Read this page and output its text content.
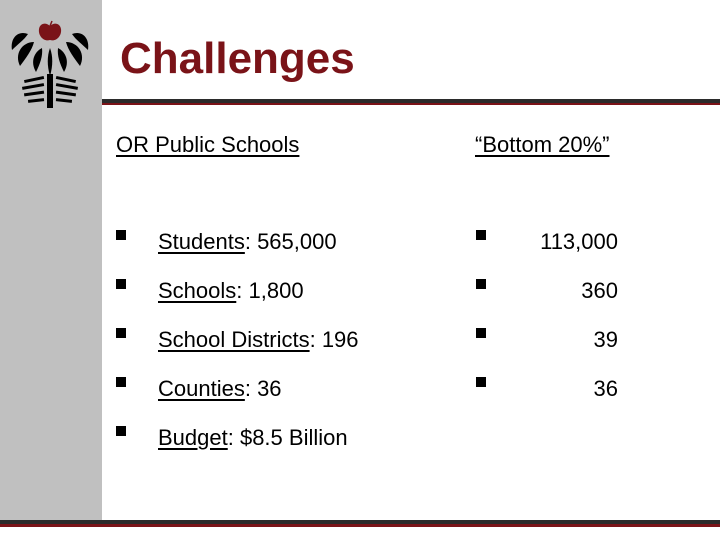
Challenges
OR Public Schools	“Bottom 20%”
Students: 565,000
Schools: 1,800
School Districts: 196
Counties: 36
Budget: $8.5 Billion
113,000
360
39
36
